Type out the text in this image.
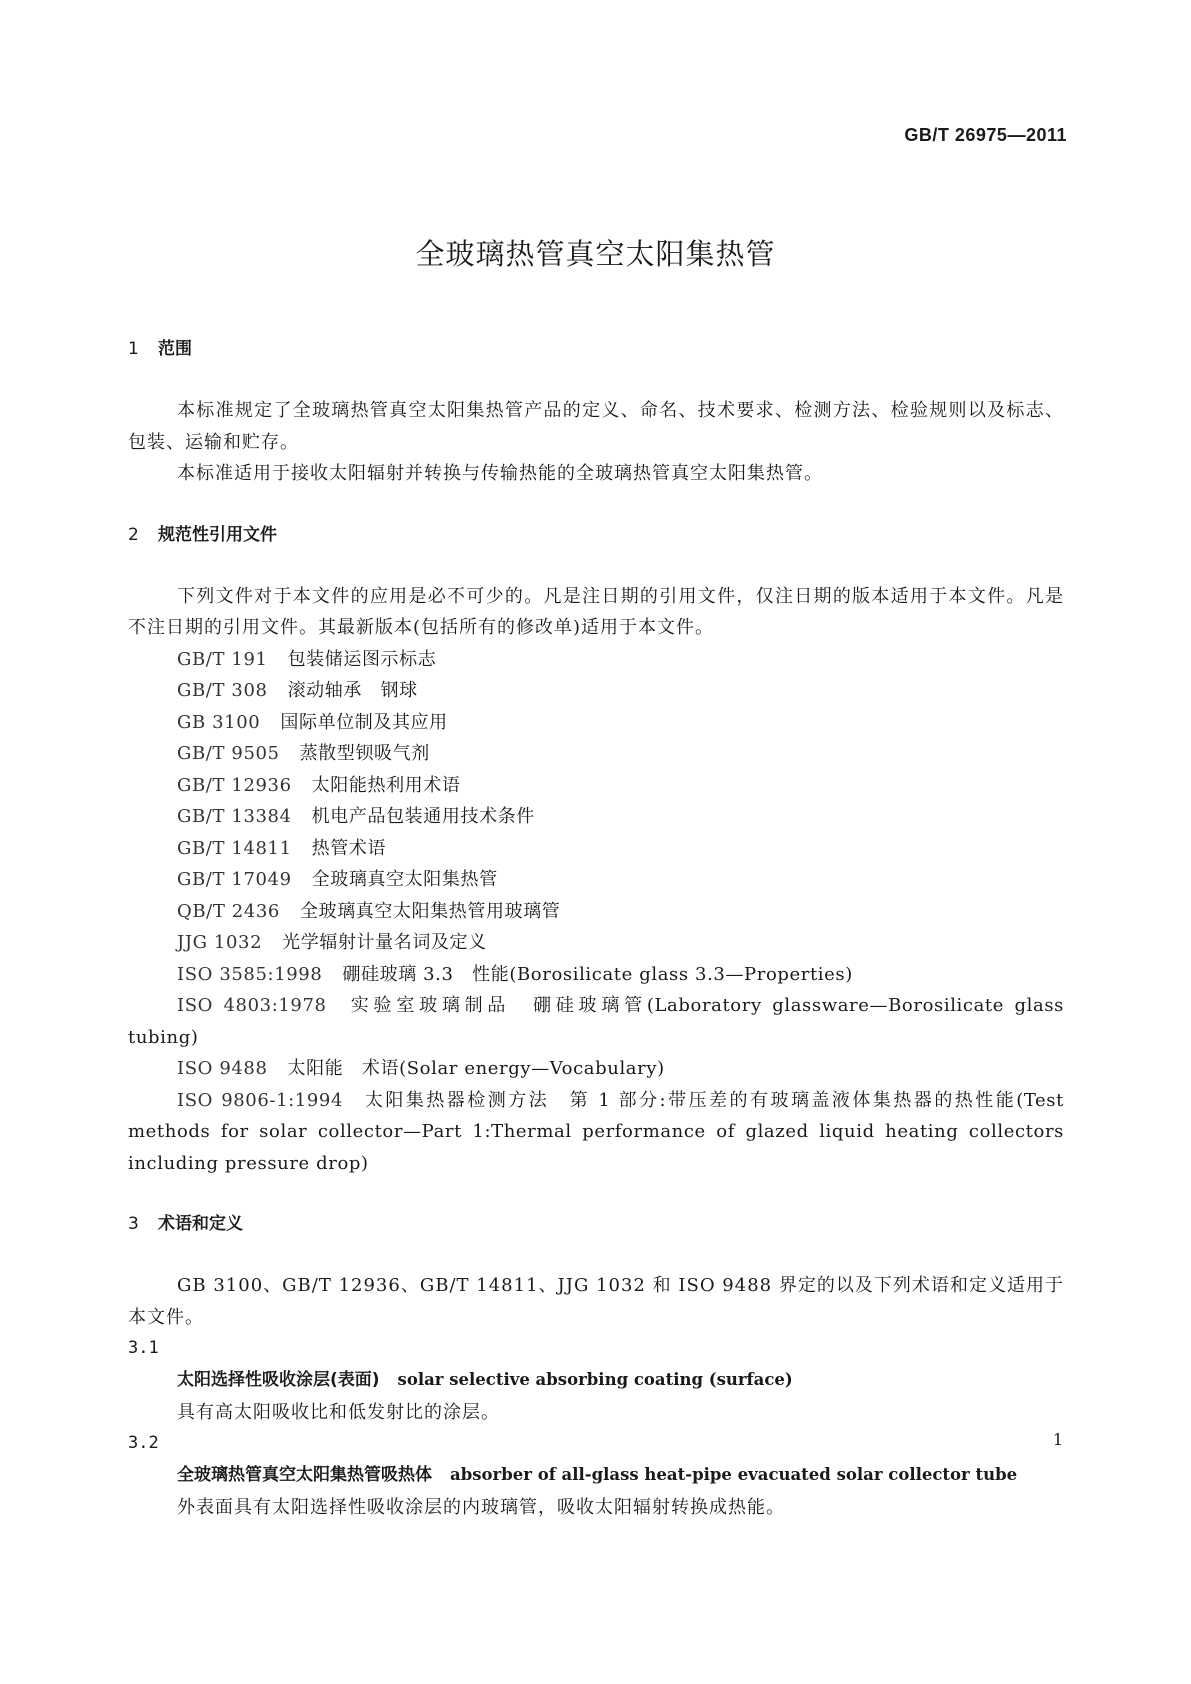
GB/T 26975—2011
全玻璃热管真空太阳集热管
1 范围

本标准规定了全玻璃热管真空太阳集热管产品的定义、命名、技术要求、检测方法、检验规则以及标志、包装、运输和贮存。

本标准适用于接收太阳辐射并转换与传输热能的全玻璃热管真空太阳集热管。

2 规范性引用文件

下列文件对于本文件的应用是必不可少的。凡是注日期的引用文件，仅注日期的版本适用于本文件。凡是不注日期的引用文件。其最新版本(包括所有的修改单)适用于本文件。

GB/T 191 包装储运图示标志
GB/T 308 滚动轴承　钢球
GB 3100 国际单位制及其应用
GB/T 9505 蒸散型钡吸气剂
GB/T 12936 太阳能热利用术语
GB/T 13384 机电产品包装通用技术条件
GB/T 14811 热管术语
GB/T 17049 全玻璃真空太阳集热管
QB/T 2436 全玻璃真空太阳集热管用玻璃管
JJG 1032 光学辐射计量名词及定义
ISO 3585:1998 硼硅玻璃 3.3　性能(Borosilicate glass 3.3—Properties)
ISO 4803:1978 实验室玻璃制品　硼硅玻璃管(Laboratory glassware—Borosilicate glass tubing)
ISO 9488 太阳能　术语(Solar energy—Vocabulary)
ISO 9806-1:1994 太阳集热器检测方法　第 1 部分:带压差的有玻璃盖液体集热器的热性能(Test methods for solar collector—Part 1:Thermal performance of glazed liquid heating collectors including pressure drop)
3 术语和定义

GB 3100、GB/T 12936、GB/T 14811、JJG 1032 和 ISO 9488 界定的以及下列术语和定义适用于本文件。

3.1
太阳选择性吸收涂层(表面) solar selective absorbing coating (surface)
具有高太阳吸收比和低发射比的涂层。
3.2
全玻璃热管真空太阳集热管吸热体 absorber of all-glass heat-pipe evacuated solar collector tube
外表面具有太阳选择性吸收涂层的内玻璃管，吸收太阳辐射转换成热能。
1
